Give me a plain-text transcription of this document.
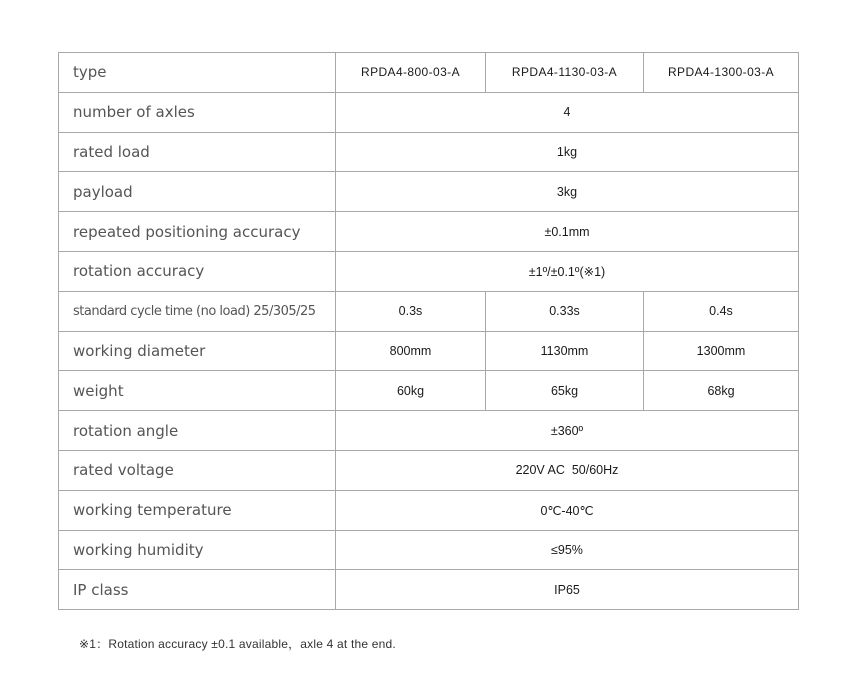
type	RPDA4-800-03-A	RPDA4-1130-03-A	RPDA4-1300-03-A
number of axles	4		
rated load	1kg		
payload	3kg		
repeated positioning accuracy	±0.1mm		
rotation accuracy	±1º/±0.1º(※1)		
standard cycle time (no load) 25/305/25	0.3s	0.33s	0.4s
working diameter	800mm	1130mm	1300mm
weight	60kg	65kg	68kg
rotation angle	±360º		
rated voltage	220V AC  50/60Hz		
working temperature	0℃-40℃		
working humidity	≤95%		
IP class	IP65		
※1：Rotation accuracy ±0.1 available，axle 4 at the end.
